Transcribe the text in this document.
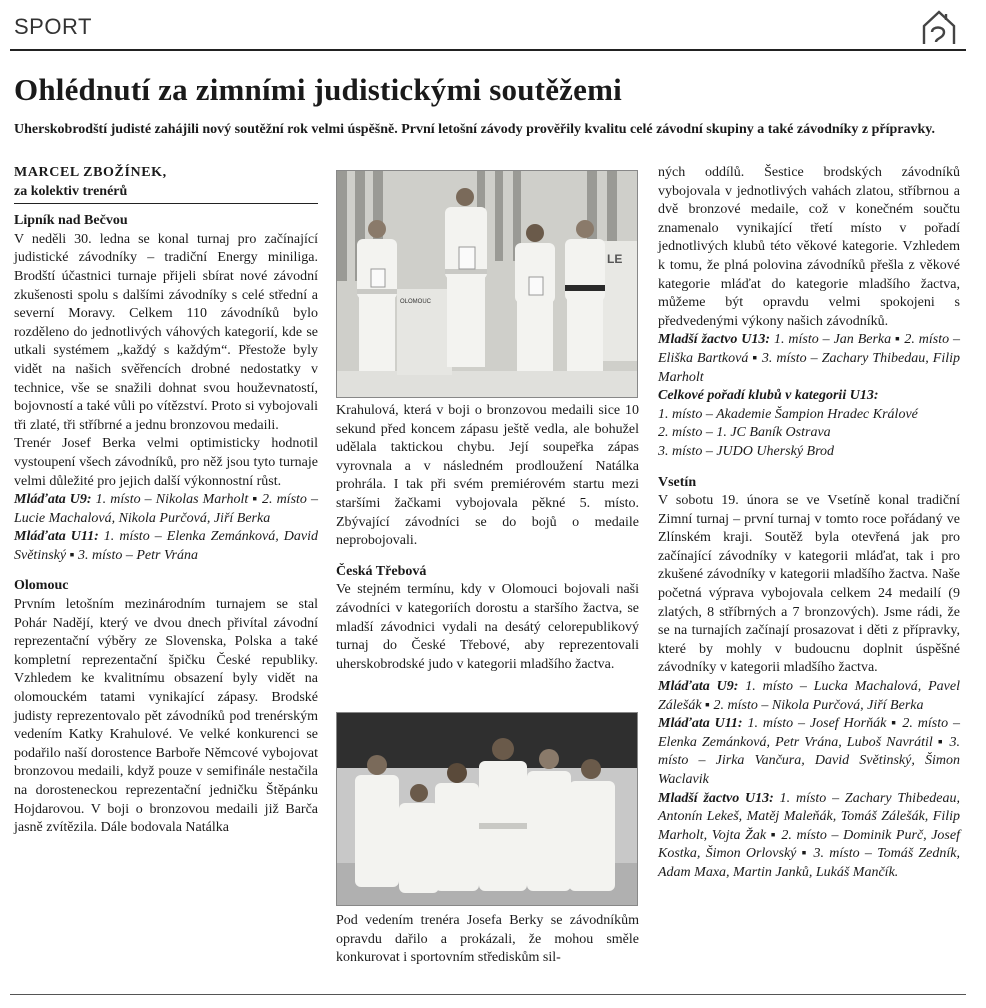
SPORT
Ohlédnutí za zimními judistickými soutěžemi

Uherskobrodští judisté zahájili nový soutěžní rok velmi úspěšně. První letošní závody prověřily kvalitu celé závodní skupiny a také závodníky z přípravky.

MARCEL ZBOŽÍNEK,

za kolektiv trenérů

Lipník nad Bečvou

V neděli 30. ledna se konal turnaj pro začínající judistické závodníky – tradiční Energy miniliga. Brodští účastnici turnaje přijeli sbírat nové závodní zkušenosti spolu s dalšími závodníky s celé střední a severní Moravy. Celkem 110 závodníků bylo rozděleno do jednotlivých váhových kategorií, kde se utkali systémem „každý s každým“. Přestože byly vidět na našich svěřencích drobné nedostatky v technice, vše se snažili dohnat svou houževnatostí, bojovností a také vůli po vítězství. Proto si vybojovali tři zlaté, tři stříbrné a jednu bronzovou medaili.

Trenér Josef Berka velmi optimisticky hodnotil vystoupení všech závodníků, pro něž jsou tyto turnaje velmi důležité pro jejich další výkonnostní růst.

Mláďata U9: 1. místo – Nikolas Marholt ▪ 2. místo – Lucie Machalová, Nikola Purčová, Jiří Berka

Mláďata U11: 1. místo – Elenka Zemánková, David Světinský ▪ 3. místo – Petr Vrána

Olomouc

Prvním letošním mezinárodním turnajem se stal Pohár Nadějí, který ve dvou dnech přivítal závodní reprezentační výběry ze Slovenska, Polska a také kompletní reprezentační špičku České republiky. Vzhledem ke kvalitnímu obsazení byly vidět na olomouckém tatami vynikající zápasy. Brodské judisty reprezentovalo pět závodníků pod trenérským vedením Katky Krahulové. Ve velké konkurenci se podařilo naší dorostence Barboře Němcové vybojovat bronzovou medaili, když pouze v semifinále nestačila na dorosteneckou reprezentační jedničku Štěpánku Hojdarovou. V boji o bronzovou medaili již Barča jasně zvítězila. Dále bodovala Natálka

LE
OLOMOUC

Krahulová, která v boji o bronzovou medaili sice 10 sekund před koncem zápasu ještě vedla, ale bohužel udělala taktickou chybu. Její soupeřka zápas vyrovnala a v následném prodloužení Natálka prohrála. I tak při svém premiérovém startu mezi staršími žačkami vybojovala pěkné 5. místo. Zbývající závodníci se do bojů o medaile neprobojovali.

Česká Třebová

Ve stejném termínu, kdy v Olomouci bojovali naši závodníci v kategoriích dorostu a staršího žactva, se mladší závodnici vydali na desátý celorepublikový turnaj do České Třebové, aby reprezentovali uherskobrodské judo v kategorii mladšího žactva.

Pod vedením trenéra Josefa Berky se závodníkům opravdu dařilo a prokázali, že mohou směle konkurovat i sportovním střediskům sil-

ných oddílů. Šestice brodských závodníků vybojovala v jednotlivých vahách zlatou, stříbrnou a dvě bronzové medaile, což v konečném součtu znamenalo vynikající třetí místo v pořadí jednotlivých klubů této věkové kategorie. Vzhledem k tomu, že plná polovina závodníků přešla z věkové kategorie mláďat do kategorie mladšího žactva, můžeme být opravdu velmi spokojeni s předvedenými výkony našich závodníků.

Mladší žactvo U13: 1. místo – Jan Berka ▪ 2. místo – Eliška Bartková ▪ 3. místo – Zachary Thibedau, Filip Marholt

Celkové pořadí klubů v kategorii U13:

1. místo – Akademie Šampion Hradec Králové

2. místo – 1. JC Baník Ostrava

3. místo – JUDO Uherský Brod

Vsetín

V sobotu 19. února se ve Vsetíně konal tradiční Zimní turnaj – první turnaj v tomto roce pořádaný ve Zlínském kraji. Soutěž byla otevřená jak pro začínající závodníky v kategorii mláďat, tak i pro zkušené závodníky v kategorii mladšího žactva. Naše početná výprava vybojovala celkem 24 medailí (9 zlatých, 8 stříbrných a 7 bronzových). Jsme rádi, že se na turnajích začínají prosazovat i děti z přípravky, které by mohly v budoucnu doplnit úspěšné závodníky v kategorii mladšího žactva.

Mláďata U9: 1. místo – Lucka Machalová, Pavel Zálešák ▪ 2. místo – Nikola Purčová, Jiří Berka

Mláďata U11: 1. místo – Josef Horňák ▪ 2. místo – Elenka Zemánková, Petr Vrána, Luboš Navrátil ▪ 3. místo – Jirka Vančura, David Světinský, Šimon Waclavik

Mladší žactvo U13: 1. místo – Zachary Thibedeau, Antonín Lekeš, Matěj Maleňák, Tomáš Zálešák, Filip Marholt, Vojta Žak ▪ 2. místo – Dominik Purč, Josef Kostka, Šimon Orlovský ▪ 3. místo – Tomáš Zedník, Adam Maxa, Martin Janků, Lukáš Mančík.
